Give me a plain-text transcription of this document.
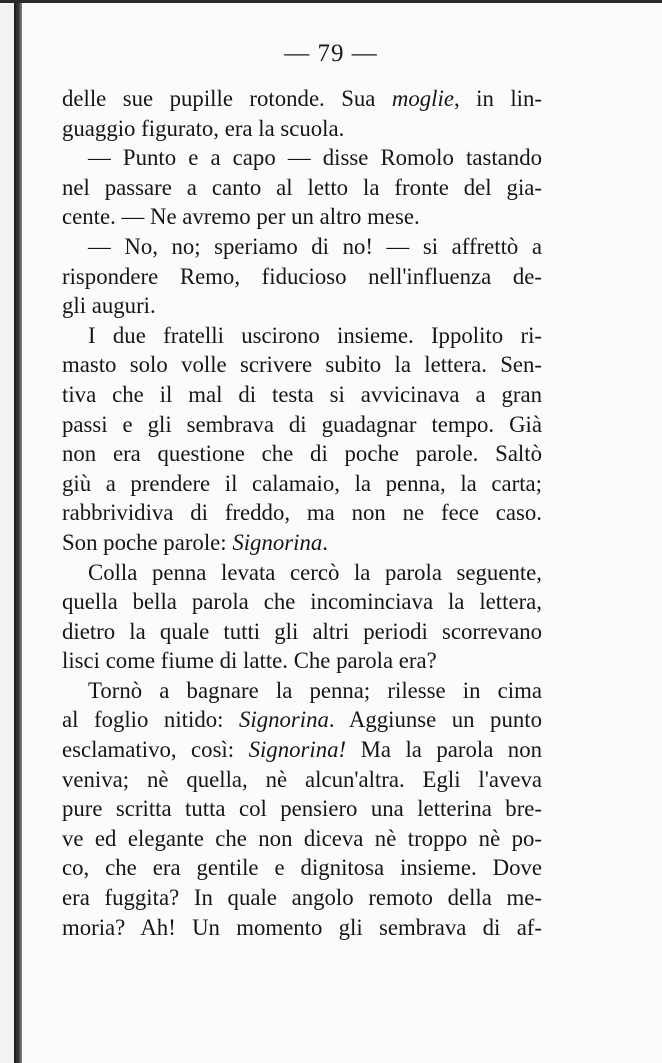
— 79 —
delle sue pupille rotonde. Sua moglie, in lin-
guaggio figurato, era la scuola.
— Punto e a capo — disse Romolo tastando
nel passare a canto al letto la fronte del gia-
cente. — Ne avremo per un altro mese.
— No, no; speriamo di no! — si affrettò a
rispondere Remo, fiducioso nell'influenza de-
gli auguri.
I due fratelli uscirono insieme. Ippolito ri-
masto solo volle scrivere subito la lettera. Sen-
tiva che il mal di testa si avvicinava a gran
passi e gli sembrava di guadagnar tempo. Già
non era questione che di poche parole. Saltò
giù a prendere il calamaio, la penna, la carta;
rabbrividiva di freddo, ma non ne fece caso.
Son poche parole: Signorina.
Colla penna levata cercò la parola seguente,
quella bella parola che incominciava la lettera,
dietro la quale tutti gli altri periodi scorrevano
lisci come fiume di latte. Che parola era?
Tornò a bagnare la penna; rilesse in cima
al foglio nitido: Signorina. Aggiunse un punto
esclamativo, così: Signorina! Ma la parola non
veniva; nè quella, nè alcun'altra. Egli l'aveva
pure scritta tutta col pensiero una letterina bre-
ve ed elegante che non diceva nè troppo nè po-
co, che era gentile e dignitosa insieme. Dove
era fuggita? In quale angolo remoto della me-
moria? Ah! Un momento gli sembrava di af-
